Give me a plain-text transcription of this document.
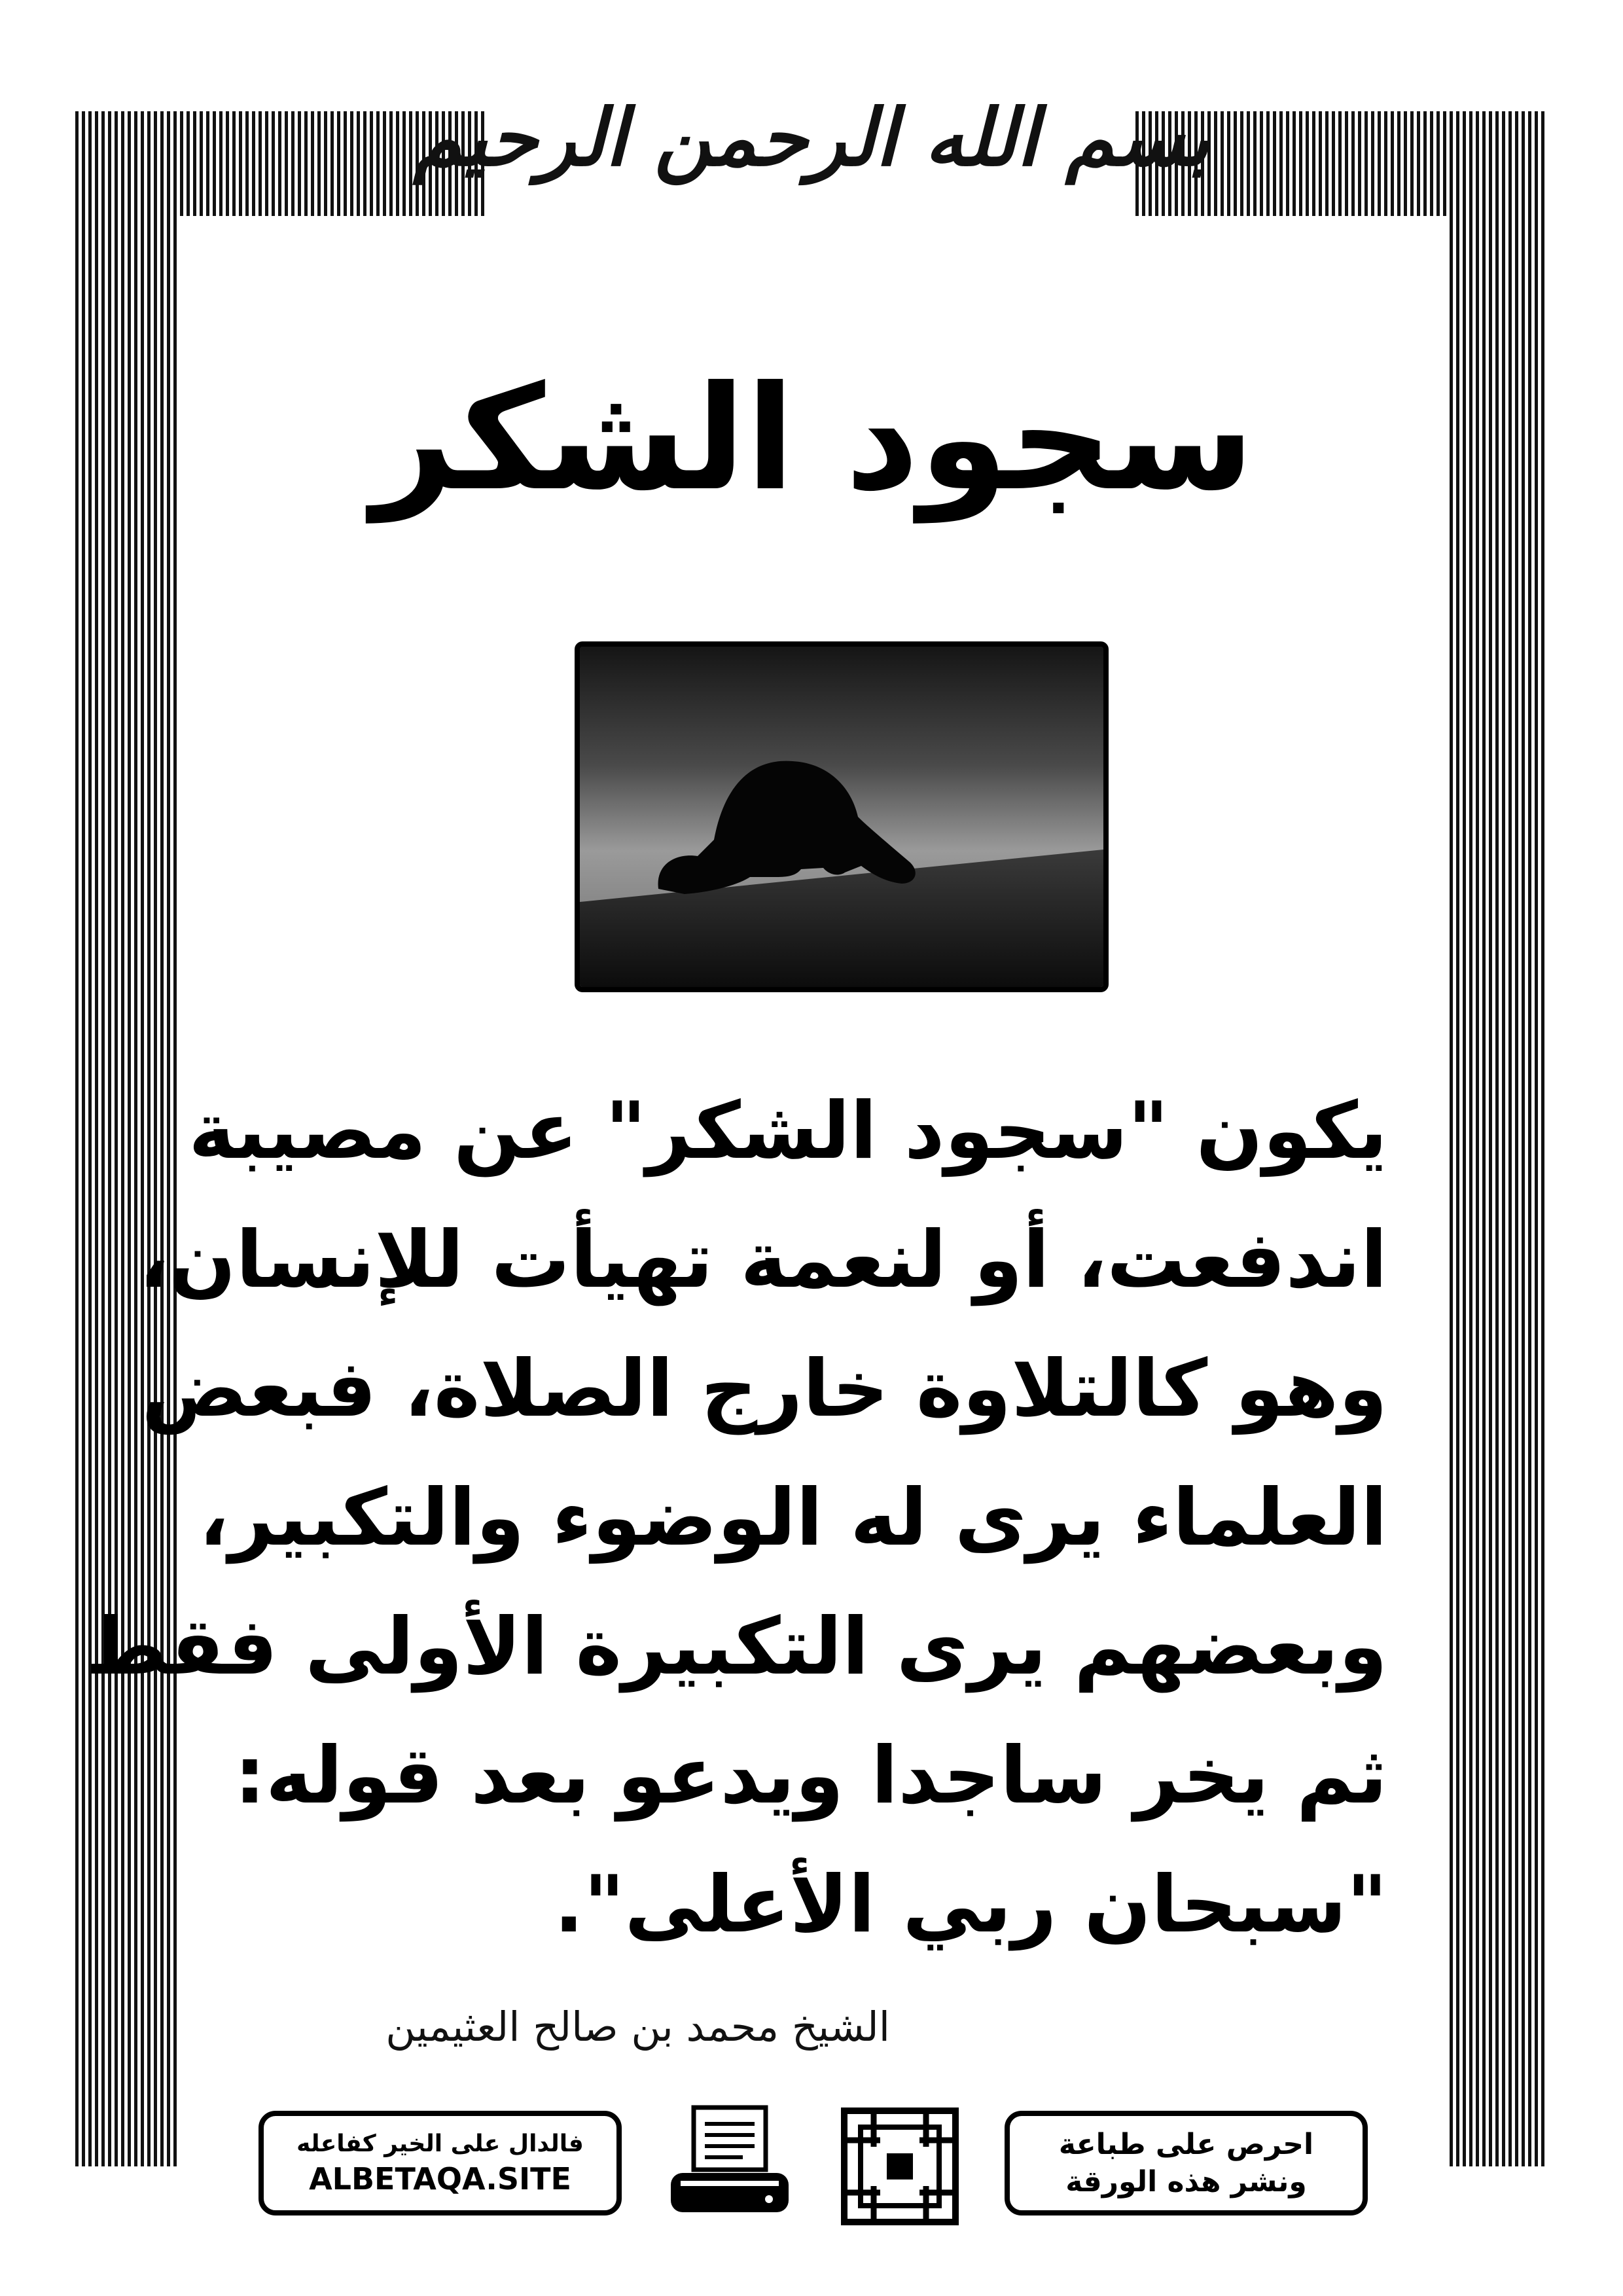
بسم الله الرحمن الرحيم
سجود الشكر
يكون "سجود الشكر" عن مصيبة
اندفعت، أو لنعمة تهيأت للإنسان،
وهو كالتلاوة خارج الصلاة، فبعض
العلماء يرى له الوضوء والتكبير،
وبعضهم يرى التكبيرة الأولى فقط
ثم يخر ساجدا ويدعو بعد قوله:
"سبحان ربي الأعلى".
الشيخ محمد بن صالح العثيمين
فالدال على الخير كفاعله
ALBETAQA.SITE
احرص على طباعة
ونشر هذه الورقة
